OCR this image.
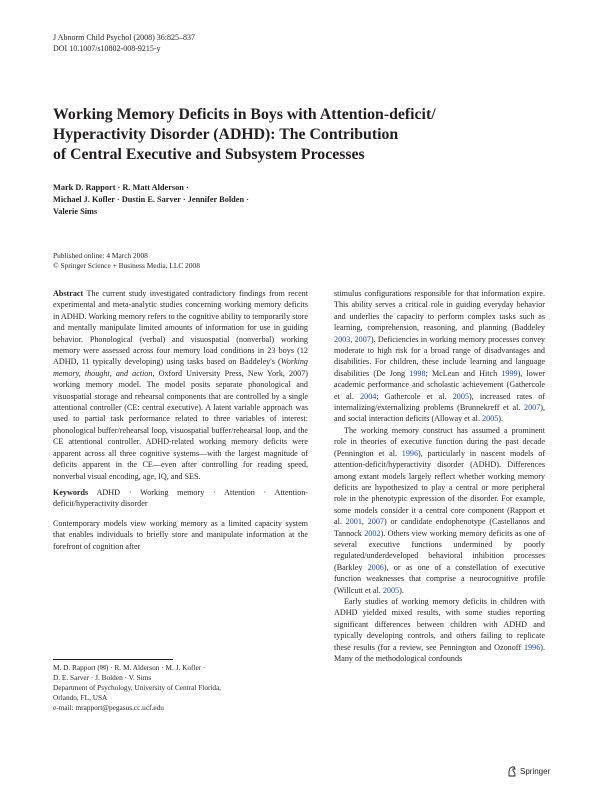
J Abnorm Child Psychol (2008) 36:825–837
DOI 10.1007/s10802-008-9215-y
Working Memory Deficits in Boys with Attention-deficit/
Hyperactivity Disorder (ADHD): The Contribution
of Central Executive and Subsystem Processes
Mark D. Rapport · R. Matt Alderson ·
Michael J. Kofler · Dustin E. Sarver · Jennifer Bolden ·
Valerie Sims
Published online: 4 March 2008
© Springer Science + Business Media, LLC 2008

Abstract The current study investigated contradictory findings from recent experimental and meta-analytic studies concerning working memory deficits in ADHD. Working memory refers to the cognitive ability to temporarily store and mentally manipulate limited amounts of information for use in guiding behavior. Phonological (verbal) and visuospatial (nonverbal) working memory were assessed across four memory load conditions in 23 boys (12 ADHD, 11 typically developing) using tasks based on Baddeley's (Working memory, thought, and action, Oxford University Press, New York, 2007) working memory model. The model posits separate phonological and visuospatial storage and rehearsal components that are controlled by a single attentional controller (CE: central executive). A latent variable approach was used to partial task performance related to three variables of interest: phonological buffer/rehearsal loop, visuospatial buffer/rehearsal loop, and the CE attentional controller. ADHD-related working memory deficits were apparent across all three cognitive systems—with the largest magnitude of deficits apparent in the CE—even after controlling for reading speed, nonverbal visual encoding, age, IQ, and SES.

Keywords ADHD · Working memory · Attention · Attention-deficit/hyperactivity disorder

Contemporary models view working memory as a limited capacity system that enables individuals to briefly store and manipulate information at the forefront of cognition after

stimulus configurations responsible for that information expire. This ability serves a critical role in guiding everyday behavior and underlies the capacity to perform complex tasks such as learning, comprehension, reasoning, and planning (Baddeley 2003, 2007). Deficiencies in working memory processes convey moderate to high risk for a broad range of disadvantages and disabilities. For children, these include learning and language disabilities (De Jong 1998; McLean and Hitch 1999), lower academic performance and scholastic achievement (Gathercole et al. 2004; Gathercole et al. 2005), increased rates of internalizing/externalizing problems (Brunnekreff et al. 2007), and social interaction deficits (Alloway et al. 2005).

The working memory construct has assumed a prominent role in theories of executive function during the past decade (Pennington et al. 1996), particularly in nascent models of attention-deficit/hyperactivity disorder (ADHD). Differences among extant models largely reflect whether working memory deficits are hypothesized to play a central or more peripheral role in the phenotypic expression of the disorder. For example, some models consider it a central core component (Rapport et al. 2001, 2007) or candidate endophenotype (Castellanos and Tannock 2002). Others view working memory deficits as one of several executive functions undermined by poorly regulated/underdeveloped behavioral inhibition processes (Barkley 2006), or as one of a constellation of executive function weaknesses that comprise a neurocognitive profile (Willcutt et al. 2005).

Early studies of working memory deficits in children with ADHD yielded mixed results, with some studies reporting significant differences between children with ADHD and typically developing controls, and others failing to replicate these results (for a review, see Pennington and Ozonoff 1996). Many of the methodological confounds

M. D. Rapport (✉) · R. M. Alderson · M. J. Kofler ·
D. E. Sarver · J. Bolden · V. Sims
Department of Psychology, University of Central Florida,
Orlando, FL, USA
e-mail: mrapport@pegasus.cc.ucf.edu
Springer
